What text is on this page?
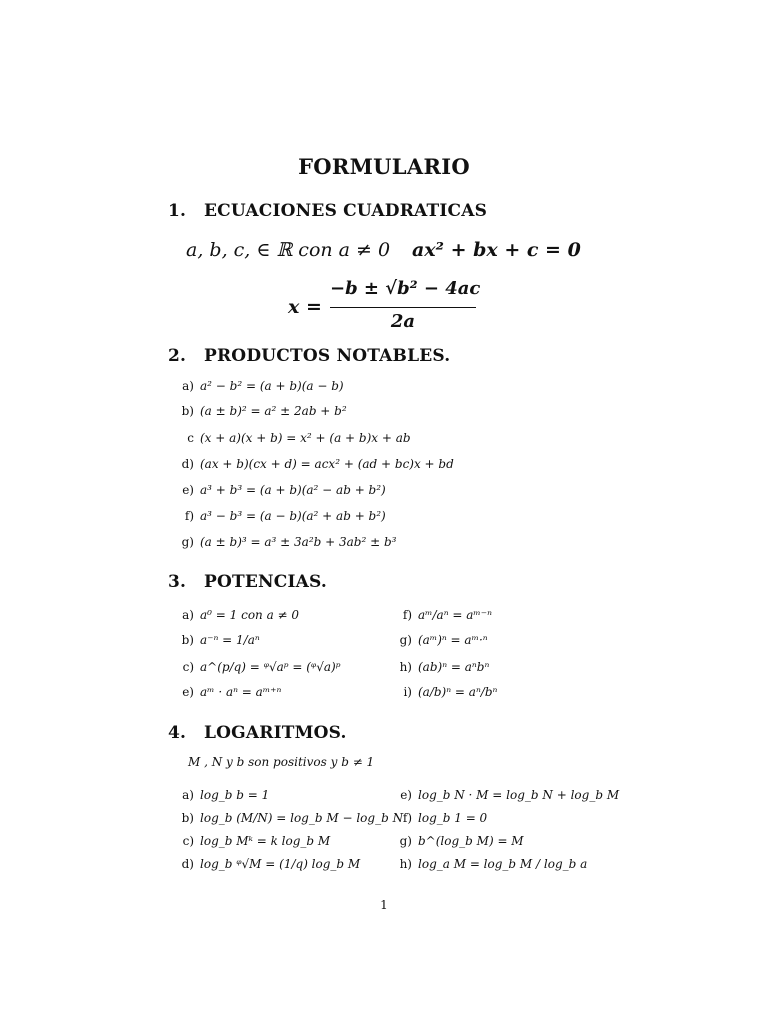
FORMULARIO
1. ECUACIONES CUADRATICAS
a, b, c, ∈ ℝ con a ≠ 0 ax² + bx + c = 0
x =
−b ± √b² − 4ac
2a
2. PRODUCTOS NOTABLES.
a) a² − b² = (a + b)(a − b)
b) (a ± b)² = a² ± 2ab + b²
c (x + a)(x + b) = x² + (a + b)x + ab
d) (ax + b)(cx + d) = acx² + (ad + bc)x + bd
e) a³ + b³ = (a + b)(a² − ab + b²)
f) a³ − b³ = (a − b)(a² + ab + b²)
g) (a ± b)³ = a³ ± 3a²b + 3ab² ± b³
3. POTENCIAS.
a) a⁰ = 1 con a ≠ 0
b) a⁻ⁿ = 1/aⁿ
c) a^(p/q) = ᵠ√aᵖ = (ᵠ√a)ᵖ
e) aᵐ · aⁿ = aᵐ⁺ⁿ
f) aᵐ/aⁿ = aᵐ⁻ⁿ
g) (aᵐ)ⁿ = aᵐ·ⁿ
h) (ab)ⁿ = aⁿbⁿ
i) (a/b)ⁿ = aⁿ/bⁿ
4. LOGARITMOS.
M , N y b son positivos y b ≠ 1
a) log_b b = 1
b) log_b (M/N) = log_b M − log_b N
c) log_b Mᵏ = k log_b M
d) log_b ᵠ√M = (1/q) log_b M
e) log_b N · M = log_b N + log_b M
f) log_b 1 = 0
g) b^(log_b M) = M
h) log_a M = log_b M / log_b a
1
